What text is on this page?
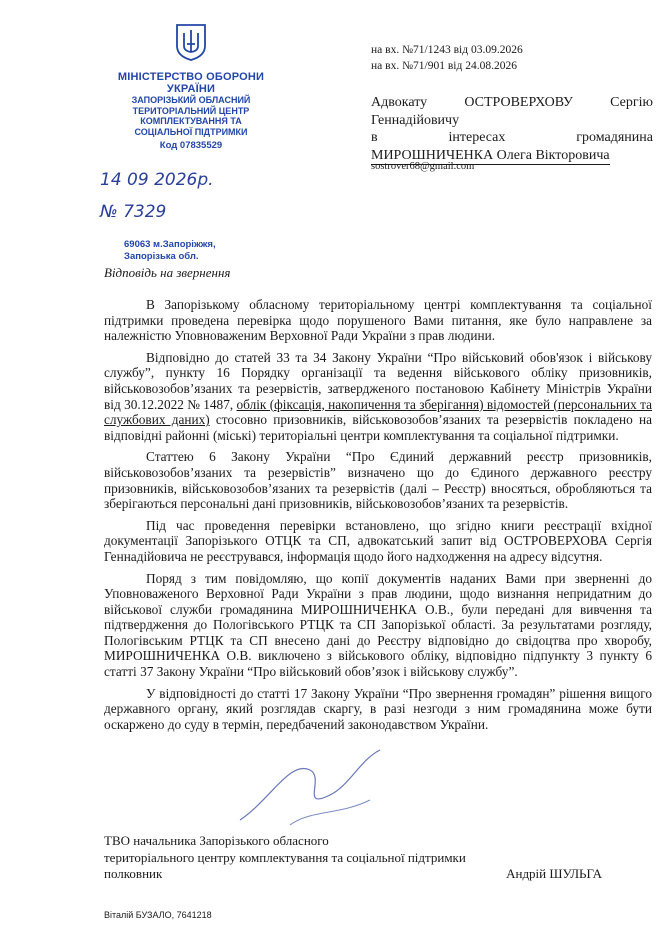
МІНІСТЕРСТВО ОБОРОНИ УКРАЇНИ
ЗАПОРІЗЬКИЙ ОБЛАСНИЙ
ТЕРИТОРІАЛЬНИЙ ЦЕНТР
КОМПЛЕКТУВАННЯ ТА
СОЦІАЛЬНОЇ ПІДТРИМКИ
Код 07835529
14 09 2026р.
№ 7329
69063 м.Запоріжжя,
Запорізька обл.
на вх. №71/1243 від 03.09.2026
на вх. №71/901 від 24.08.2026
Адвокату	ОСТРОВЕРХОВУ	Сергію
Геннадійовичу
в	інтересах	громадянина
МИРОШНИЧЕНКА Олега Вікторовича
sostrover68@gmail.com
Відповідь на звернення

В Запорізькому обласному територіальному центрі комплектування та соціальної підтримки проведена перевірка щодо порушеного Вами питання, яке було направлене за належністю Уповноваженим Верховної Ради України з прав людини.

Відповідно до статей 33 та 34 Закону України “Про військовий обов'язок і військову службу”, пункту 16 Порядку організації та ведення військового обліку призовників, військовозобов’язаних та резервістів, затвердженого постановою Кабінету Міністрів України від 30.12.2022 № 1487, облік (фіксація, накопичення та зберігання) відомостей (персональних та службових даних) стосовно призовників, військовозобов’язаних та резервістів покладено на відповідні районні (міські) територіальні центри комплектування та соціальної підтримки.

Статтею 6 Закону України “Про Єдиний державний реєстр призовників, військовозобов’язаних та резервістів” визначено що до Єдиного державного реєстру призовників, військовозобов’язаних та резервістів (далі – Реєстр) вносяться, обробляються та зберігаються персональні дані призовників, військовозобов’язаних та резервістів.

Під час проведення перевірки встановлено, що згідно книги реєстрації вхідної документації Запорізького ОТЦК та СП, адвокатський запит від ОСТРОВЕРХОВА Сергія Геннадійовича не реєструвався, інформація щодо його надходження на адресу відсутня.

Поряд з тим повідомляю, що копії документів наданих Вами при зверненні до Уповноваженого Верховної Ради України з прав людини, щодо визнання непридатним до військової служби громадянина МИРОШНИЧЕНКА О.В., були передані для вивчення та підтвердження до Пологівського РТЦК та СП Запорізької області. За результатами розгляду, Пологівським РТЦК та СП внесено дані до Реєстру відповідно до свідоцтва про хворобу, МИРОШНИЧЕНКА О.В. виключено з військового обліку, відповідно підпункту 3 пункту 6 статті 37 Закону України “Про військовий обов’язок і військову службу”.

У відповідності до статті 17 Закону України “Про звернення громадян” рішення вищого державного органу, який розглядав скаргу, в разі незгоди з ним громадянина може бути оскаржено до суду в термін, передбачений законодавством України.

ТВО начальника Запорізького обласного
територіального центру комплектування та соціальної підтримки
полковник	Андрій ШУЛЬГА
Віталій БУЗАЛО, 7641218
